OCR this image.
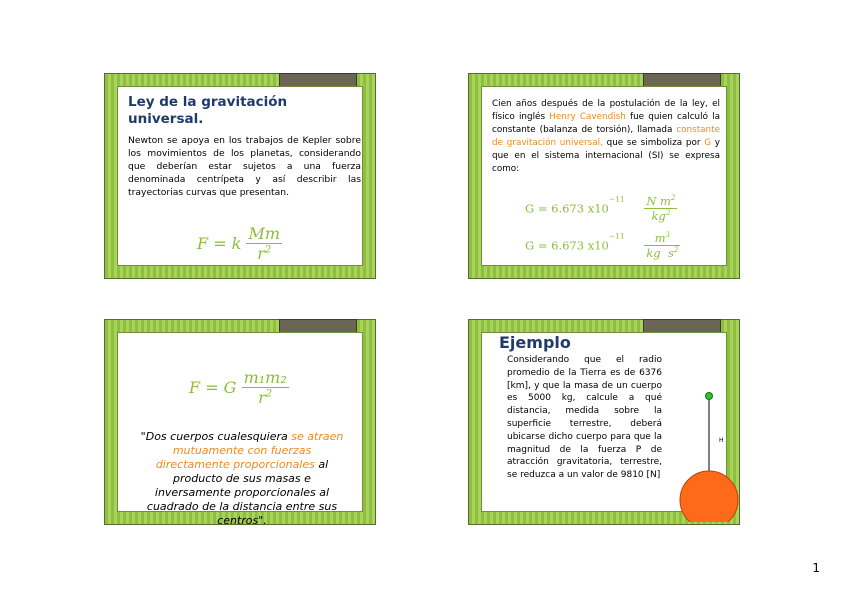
Ley de la gravitación universal.
Newton se apoya en los trabajos de Kepler sobre los movimientos de los planetas, considerando que deberían estar sujetos a una fuerza denominada centrípeta y así describir las trayectorias curvas que presentan.
F = k $\frac{Mm}{r^2}$
Cien años después de la postulación de la ley, el físico inglés Henry Cavendish fue quien calculó la constante (balanza de torsión), llamada constante de gravitación universal, que se simboliza por G y que en el sistema internacional (SI) se expresa como:
G = 6.673 $x10^{-11} \frac{N m^2}{kg^2}$
G = 6.673 $x10^{-11} \frac{m^3}{kg s^2}$
F = G $\frac{\text{m₁m₂}}{r^2}$
"Dos cuerpos cualesquiera se atraen mutuamente con fuerzas directamente proporcionales al producto de sus masas e inversamente proporcionales al cuadrado de la distancia entre sus centros".
Ejemplo
Considerando que el radio promedio de la Tierra es de 6376 [km], y que la masa de un cuerpo es 5000 kg, calcule a qué distancia, medida sobre la superficie terrestre, deberá ubicarse dicho cuerpo para que la magnitud de la fuerza P de atracción gravitatoria, terrestre, se reduzca a un valor de 9810 [N]
H
1
